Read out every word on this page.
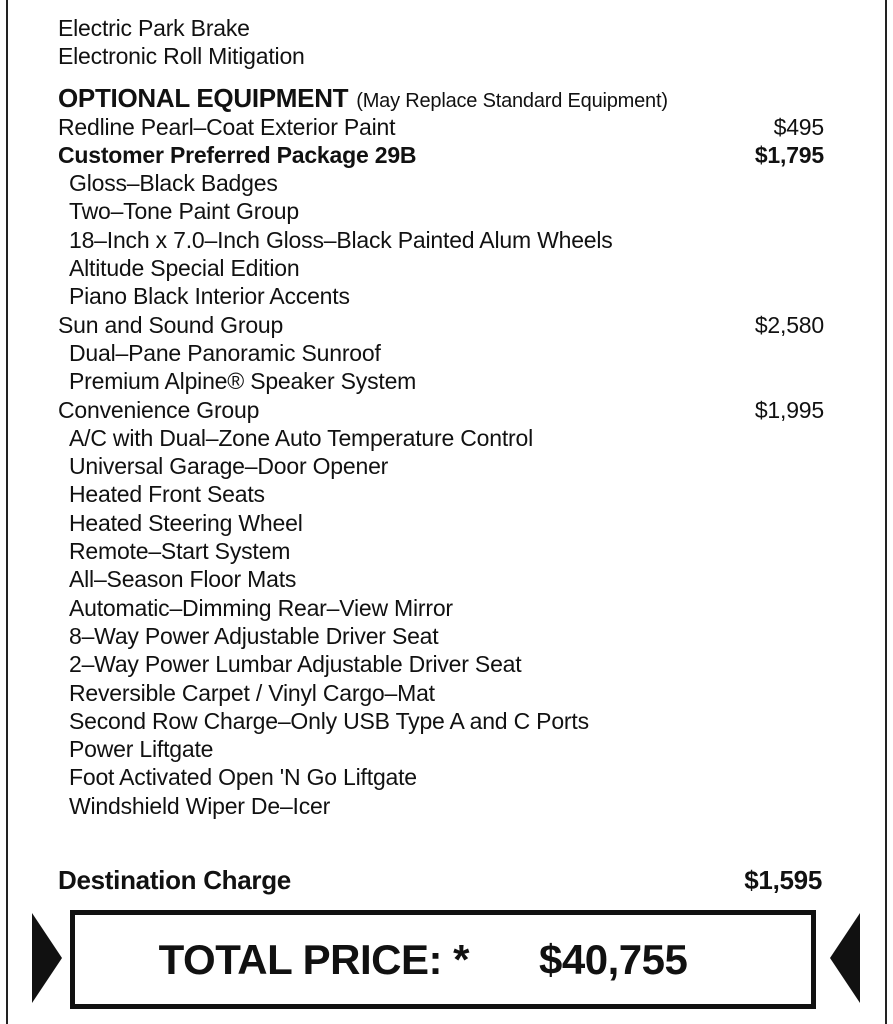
Electric Park Brake
Electronic Roll Mitigation
OPTIONAL EQUIPMENT (May Replace Standard Equipment)
Redline Pearl–Coat Exterior Paint	$495
Customer Preferred Package 29B	$1,795
Gloss–Black Badges
Two–Tone Paint Group
18–Inch x 7.0–Inch Gloss–Black Painted Alum Wheels
Altitude Special Edition
Piano Black Interior Accents
Sun and Sound Group	$2,580
Dual–Pane Panoramic Sunroof
Premium Alpine® Speaker System
Convenience Group	$1,995
A/C with Dual–Zone Auto Temperature Control
Universal Garage–Door Opener
Heated Front Seats
Heated Steering Wheel
Remote–Start System
All–Season Floor Mats
Automatic–Dimming Rear–View Mirror
8–Way Power Adjustable Driver Seat
2–Way Power Lumbar Adjustable Driver Seat
Reversible Carpet / Vinyl Cargo–Mat
Second Row Charge–Only USB Type A and C Ports
Power Liftgate
Foot Activated Open 'N Go Liftgate
Windshield Wiper De–Icer
Destination Charge	$1,595
TOTAL PRICE: * $40,755
